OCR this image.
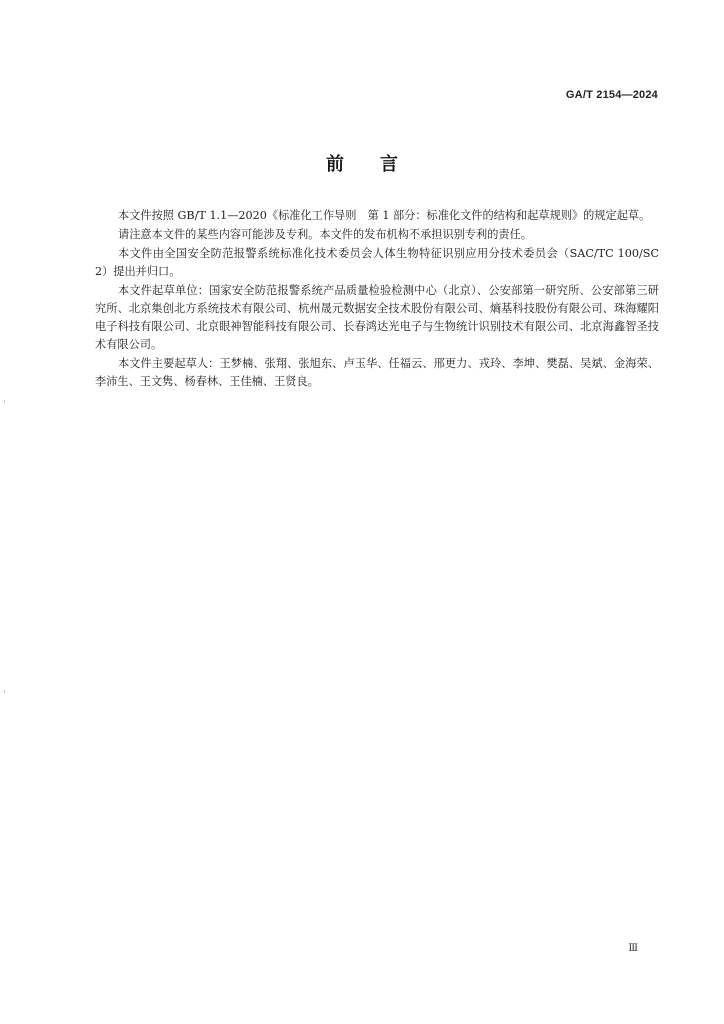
GA/T 2154—2024
前 言

本文件按照 GB/T 1.1—2020《标准化工作导则　第 1 部分：标准化文件的结构和起草规则》的规定起草。

请注意本文件的某些内容可能涉及专利。本文件的发布机构不承担识别专利的责任。

本文件由全国安全防范报警系统标准化技术委员会人体生物特征识别应用分技术委员会（SAC/TC 100/SC 2）提出并归口。

本文件起草单位：国家安全防范报警系统产品质量检验检测中心（北京）、公安部第一研究所、公安部第三研究所、北京集创北方系统技术有限公司、杭州晟元数据安全技术股份有限公司、熵基科技股份有限公司、珠海耀阳电子科技有限公司、北京眼神智能科技有限公司、长春鸿达光电子与生物统计识别技术有限公司、北京海鑫智圣技术有限公司。

本文件主要起草人：王梦楠、张翔、张旭东、卢玉华、任福云、邢更力、戎玲、李坤、樊磊、吴斌、金海荣、李沛生、王文隽、杨春林、王佳楠、王贤良。

Ⅲ
